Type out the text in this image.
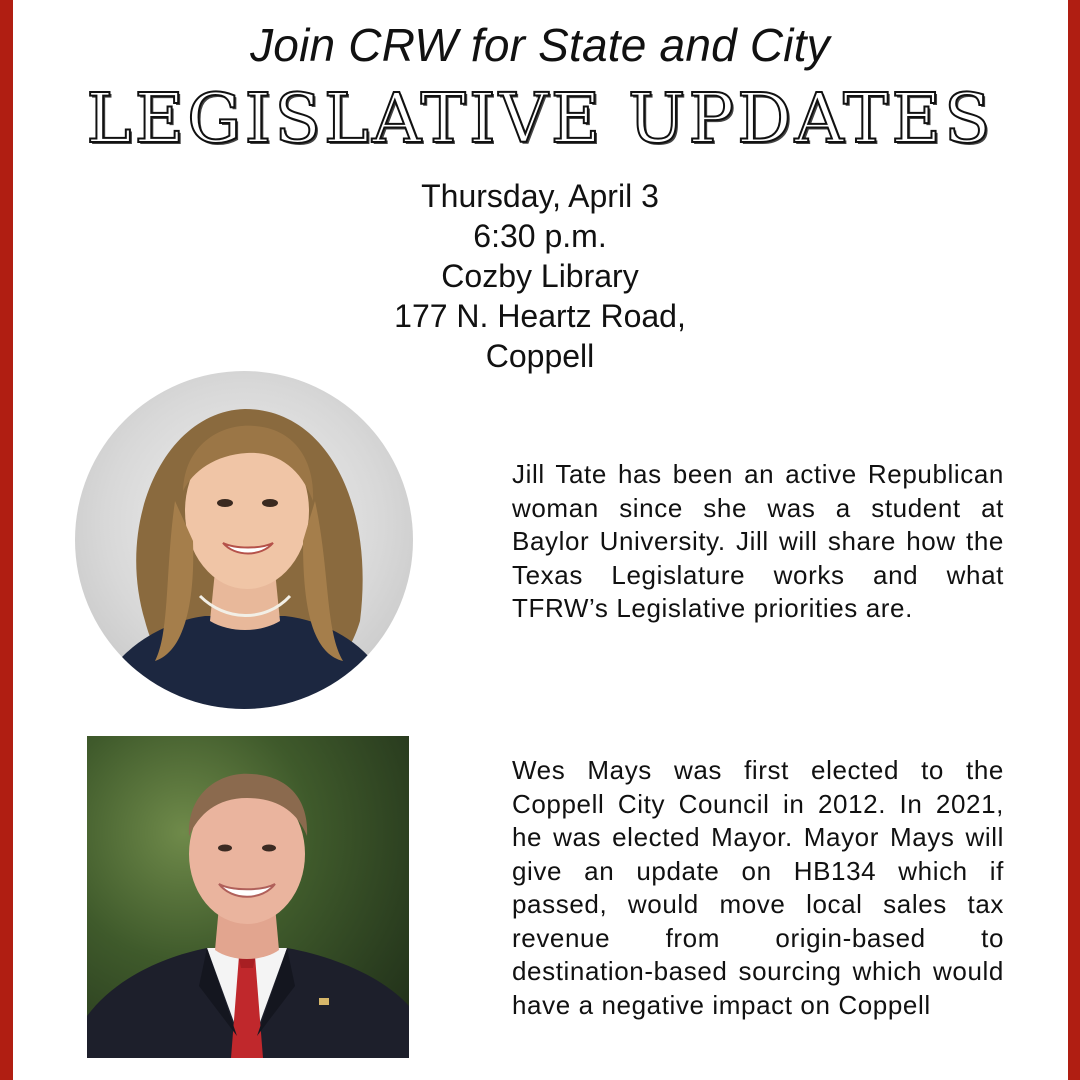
Join CRW for State and City
LEGISLATIVE UPDATES
Thursday, April 3
6:30 p.m.
Cozby Library
177 N. Heartz Road,
Coppell
Jill Tate has been an active Republican woman since she was a student at Baylor University. Jill will share how the Texas Legislature works and what TFRW’s Legislative priorities are.
Wes Mays was first elected to the Coppell City Council in 2012. In 2021, he was elected Mayor. Mayor Mays will give an update on HB134 which if passed, would move local sales tax revenue from origin-based to destination-based sourcing which would have a negative impact on Coppell
